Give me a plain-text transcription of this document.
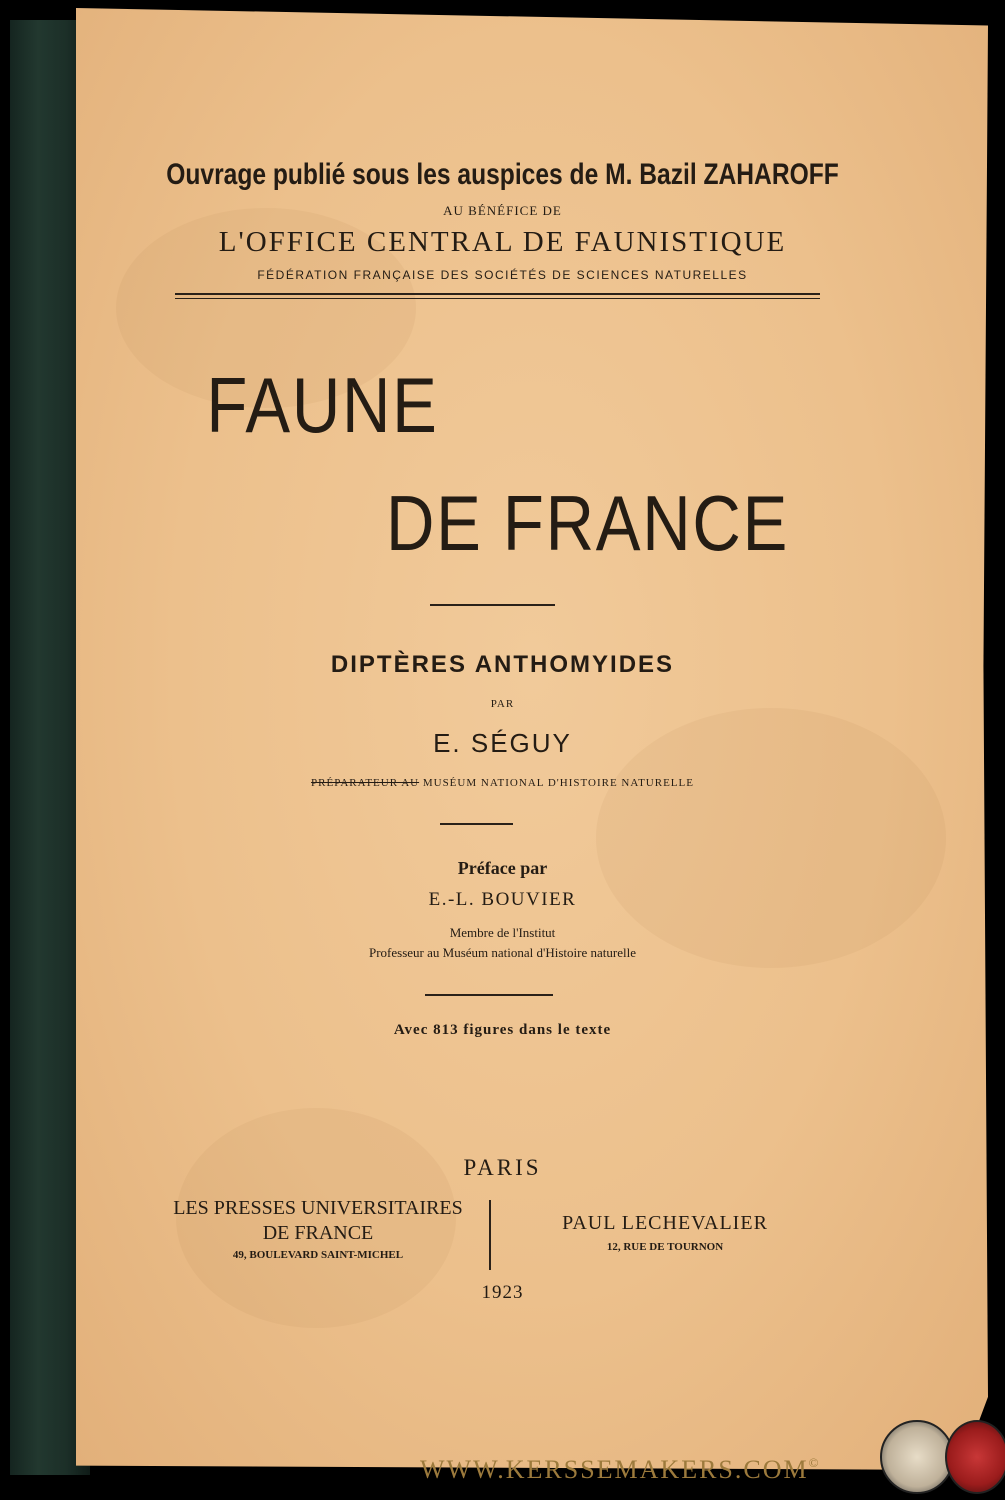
Ouvrage publié sous les auspices de M. Bazil ZAHAROFF

AU BÉNÉFICE DE

L'OFFICE CENTRAL DE FAUNISTIQUE

FÉDÉRATION FRANÇAISE DES SOCIÉTÉS DE SCIENCES NATURELLES

FAUNE

DE FRANCE

DIPTÈRES ANTHOMYIDES

PAR

E. SÉGUY

PRÉPARATEUR AU MUSÉUM NATIONAL D'HISTOIRE NATURELLE

Préface par

E.-L. BOUVIER

Membre de l'Institut

Professeur au Muséum national d'Histoire naturelle

Avec 813 figures dans le texte

PARIS

LES PRESSES UNIVERSITAIRES
DE FRANCE
49, BOULEVARD SAINT-MICHEL
PAUL LECHEVALIER
12, RUE DE TOURNON

1923

WWW.KERSSEMAKERS.COM©
